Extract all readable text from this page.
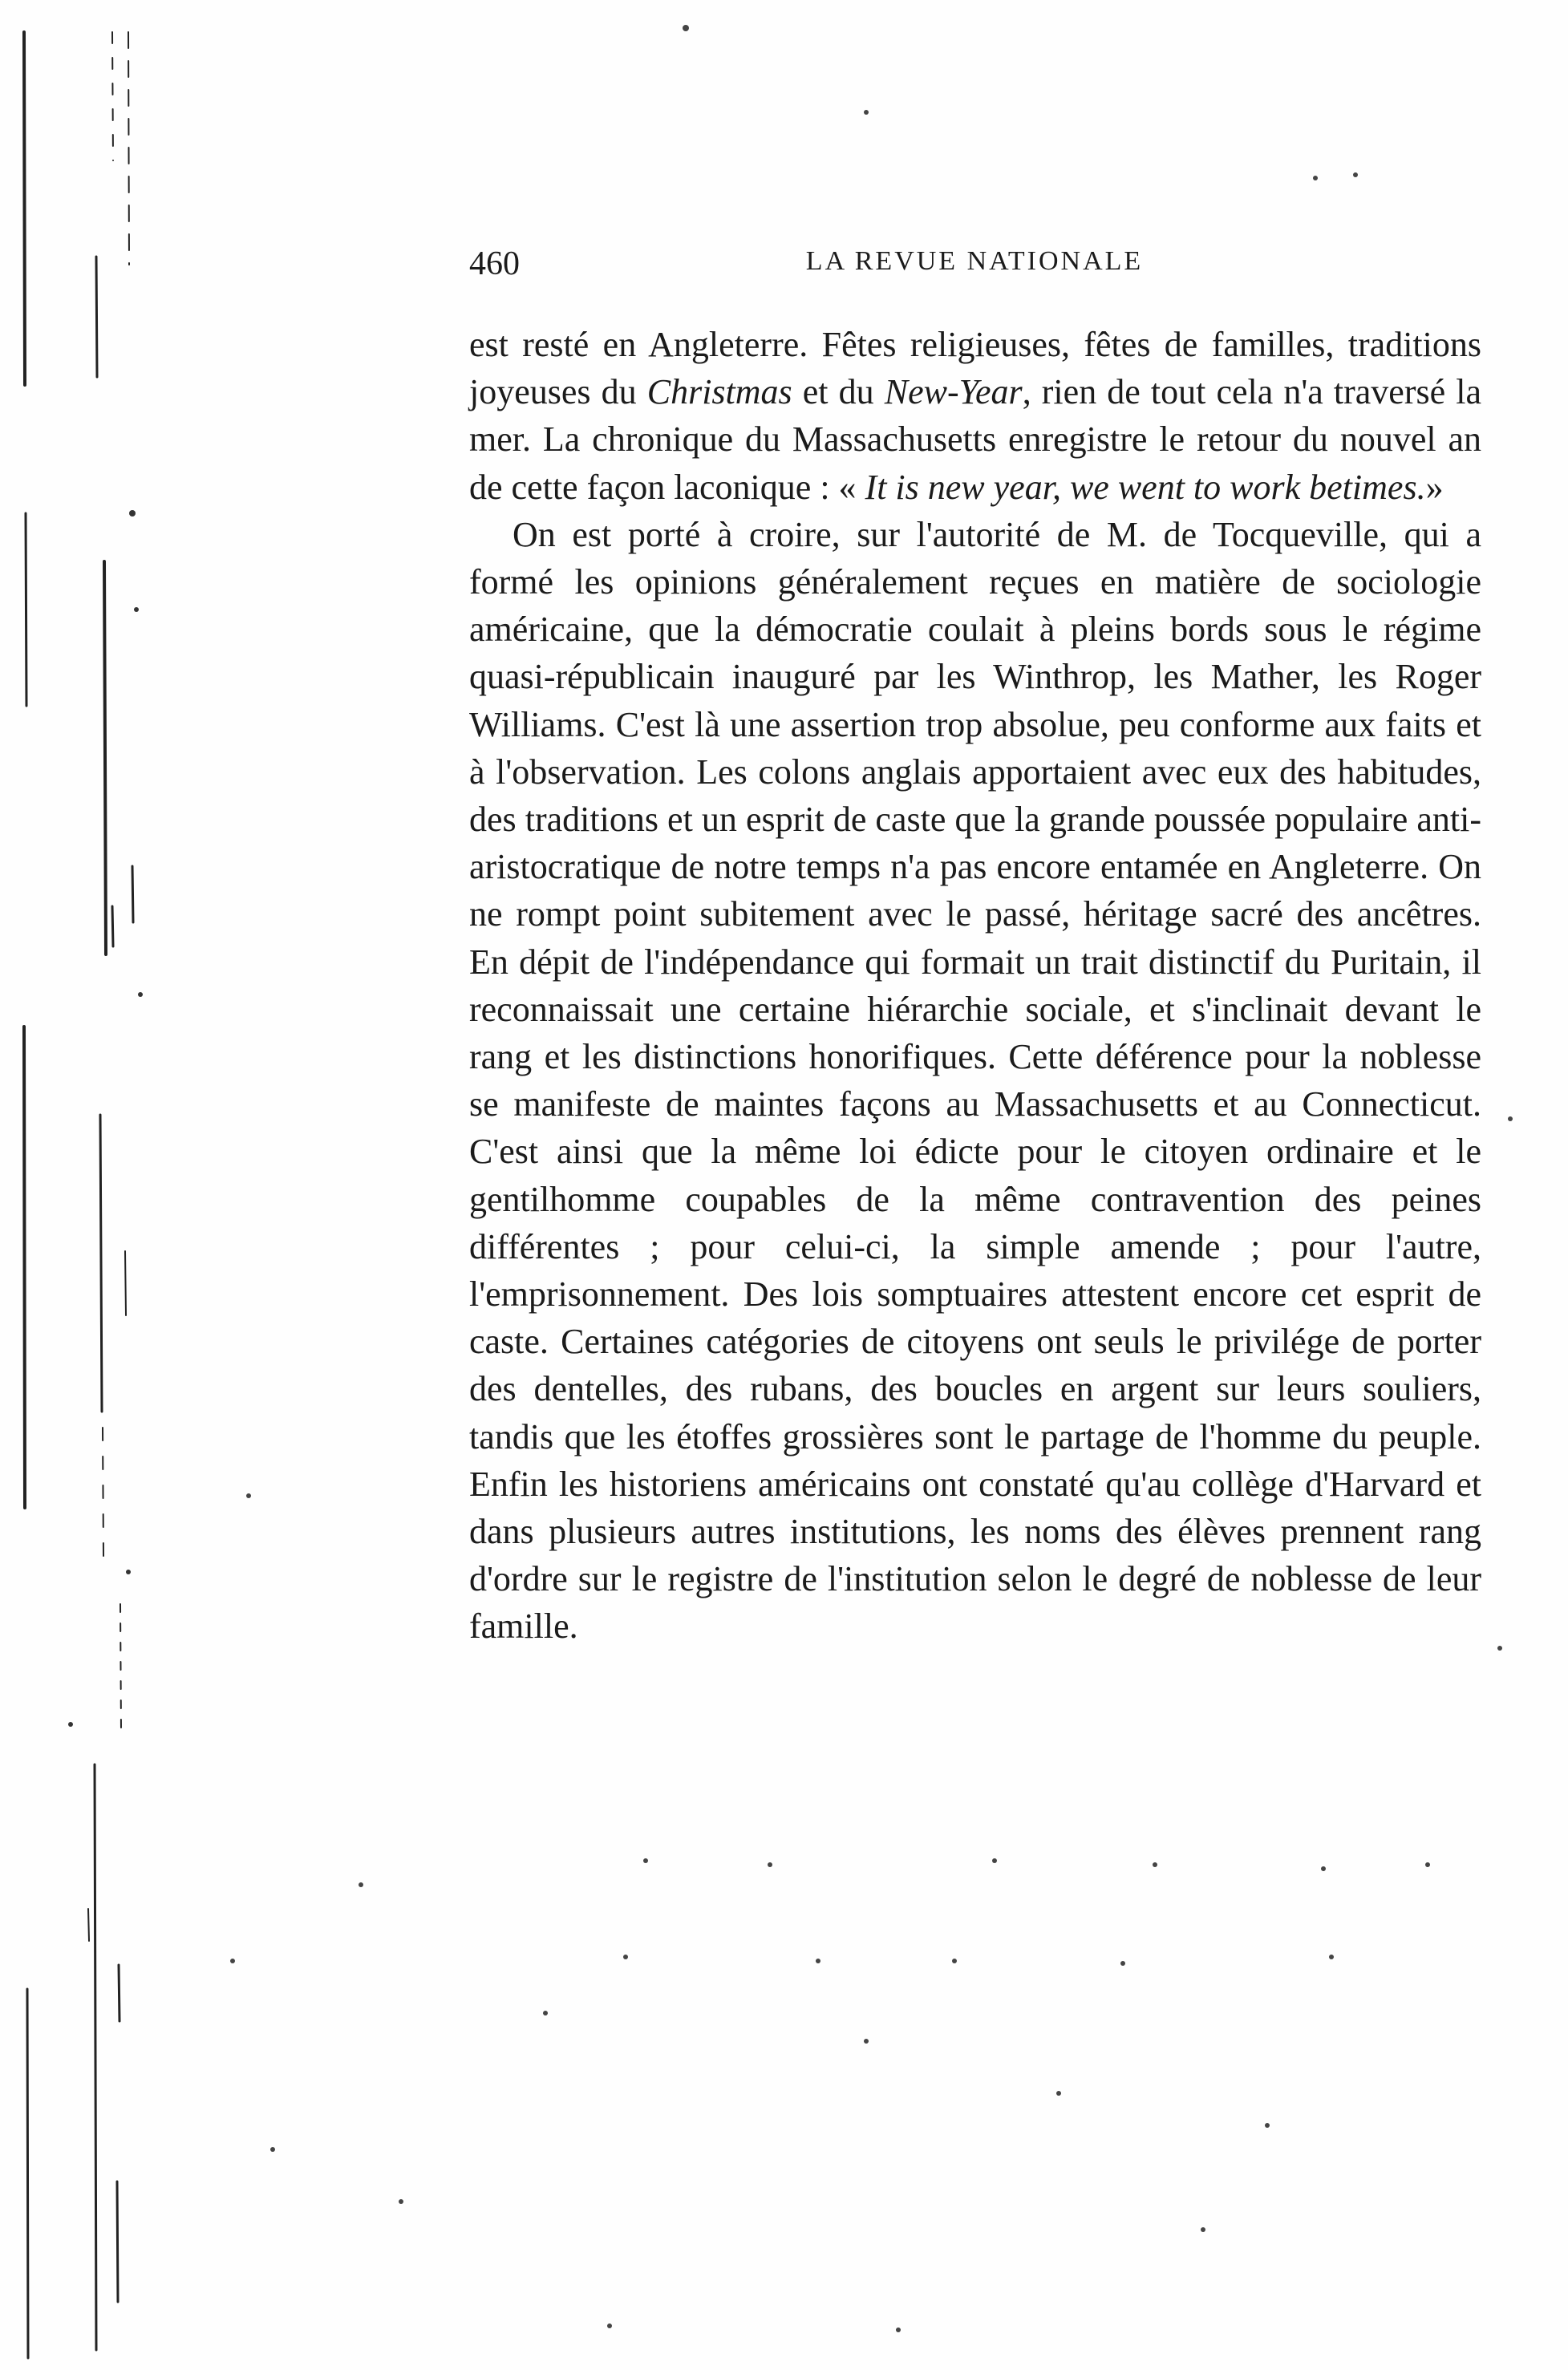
460	LA REVUE NATIONALE

est resté en Angleterre. Fêtes religieuses, fêtes de familles, traditions joyeuses du Christmas et du New-Year, rien de tout cela n'a traversé la mer. La chronique du Massachusetts enregistre le retour du nouvel an de cette façon laconique : « It is new year, we went to work betimes.»

On est porté à croire, sur l'autorité de M. de Tocqueville, qui a formé les opinions généralement reçues en matière de sociologie américaine, que la démocratie coulait à pleins bords sous le régime quasi-républicain inauguré par les Winthrop, les Mather, les Roger Williams. C'est là une assertion trop absolue, peu conforme aux faits et à l'observation. Les colons anglais apportaient avec eux des habitudes, des traditions et un esprit de caste que la grande poussée populaire anti-aristocratique de notre temps n'a pas encore entamée en Angleterre. On ne rompt point subitement avec le passé, héritage sacré des ancêtres. En dépit de l'indépendance qui formait un trait distinctif du Puritain, il reconnaissait une certaine hiérarchie sociale, et s'inclinait devant le rang et les distinctions honorifiques. Cette déférence pour la noblesse se manifeste de maintes façons au Massachusetts et au Connecticut. C'est ainsi que la même loi édicte pour le citoyen ordinaire et le gentilhomme coupables de la même contravention des peines différentes ; pour celui-ci, la simple amende ; pour l'autre, l'emprisonnement. Des lois somptuaires attestent encore cet esprit de caste. Certaines catégories de citoyens ont seuls le privilége de porter des dentelles, des rubans, des boucles en argent sur leurs souliers, tandis que les étoffes grossières sont le partage de l'homme du peuple. Enfin les historiens américains ont constaté qu'au collège d'Harvard et dans plusieurs autres institutions, les noms des élèves prennent rang d'ordre sur le registre de l'institution selon le degré de noblesse de leur famille.
